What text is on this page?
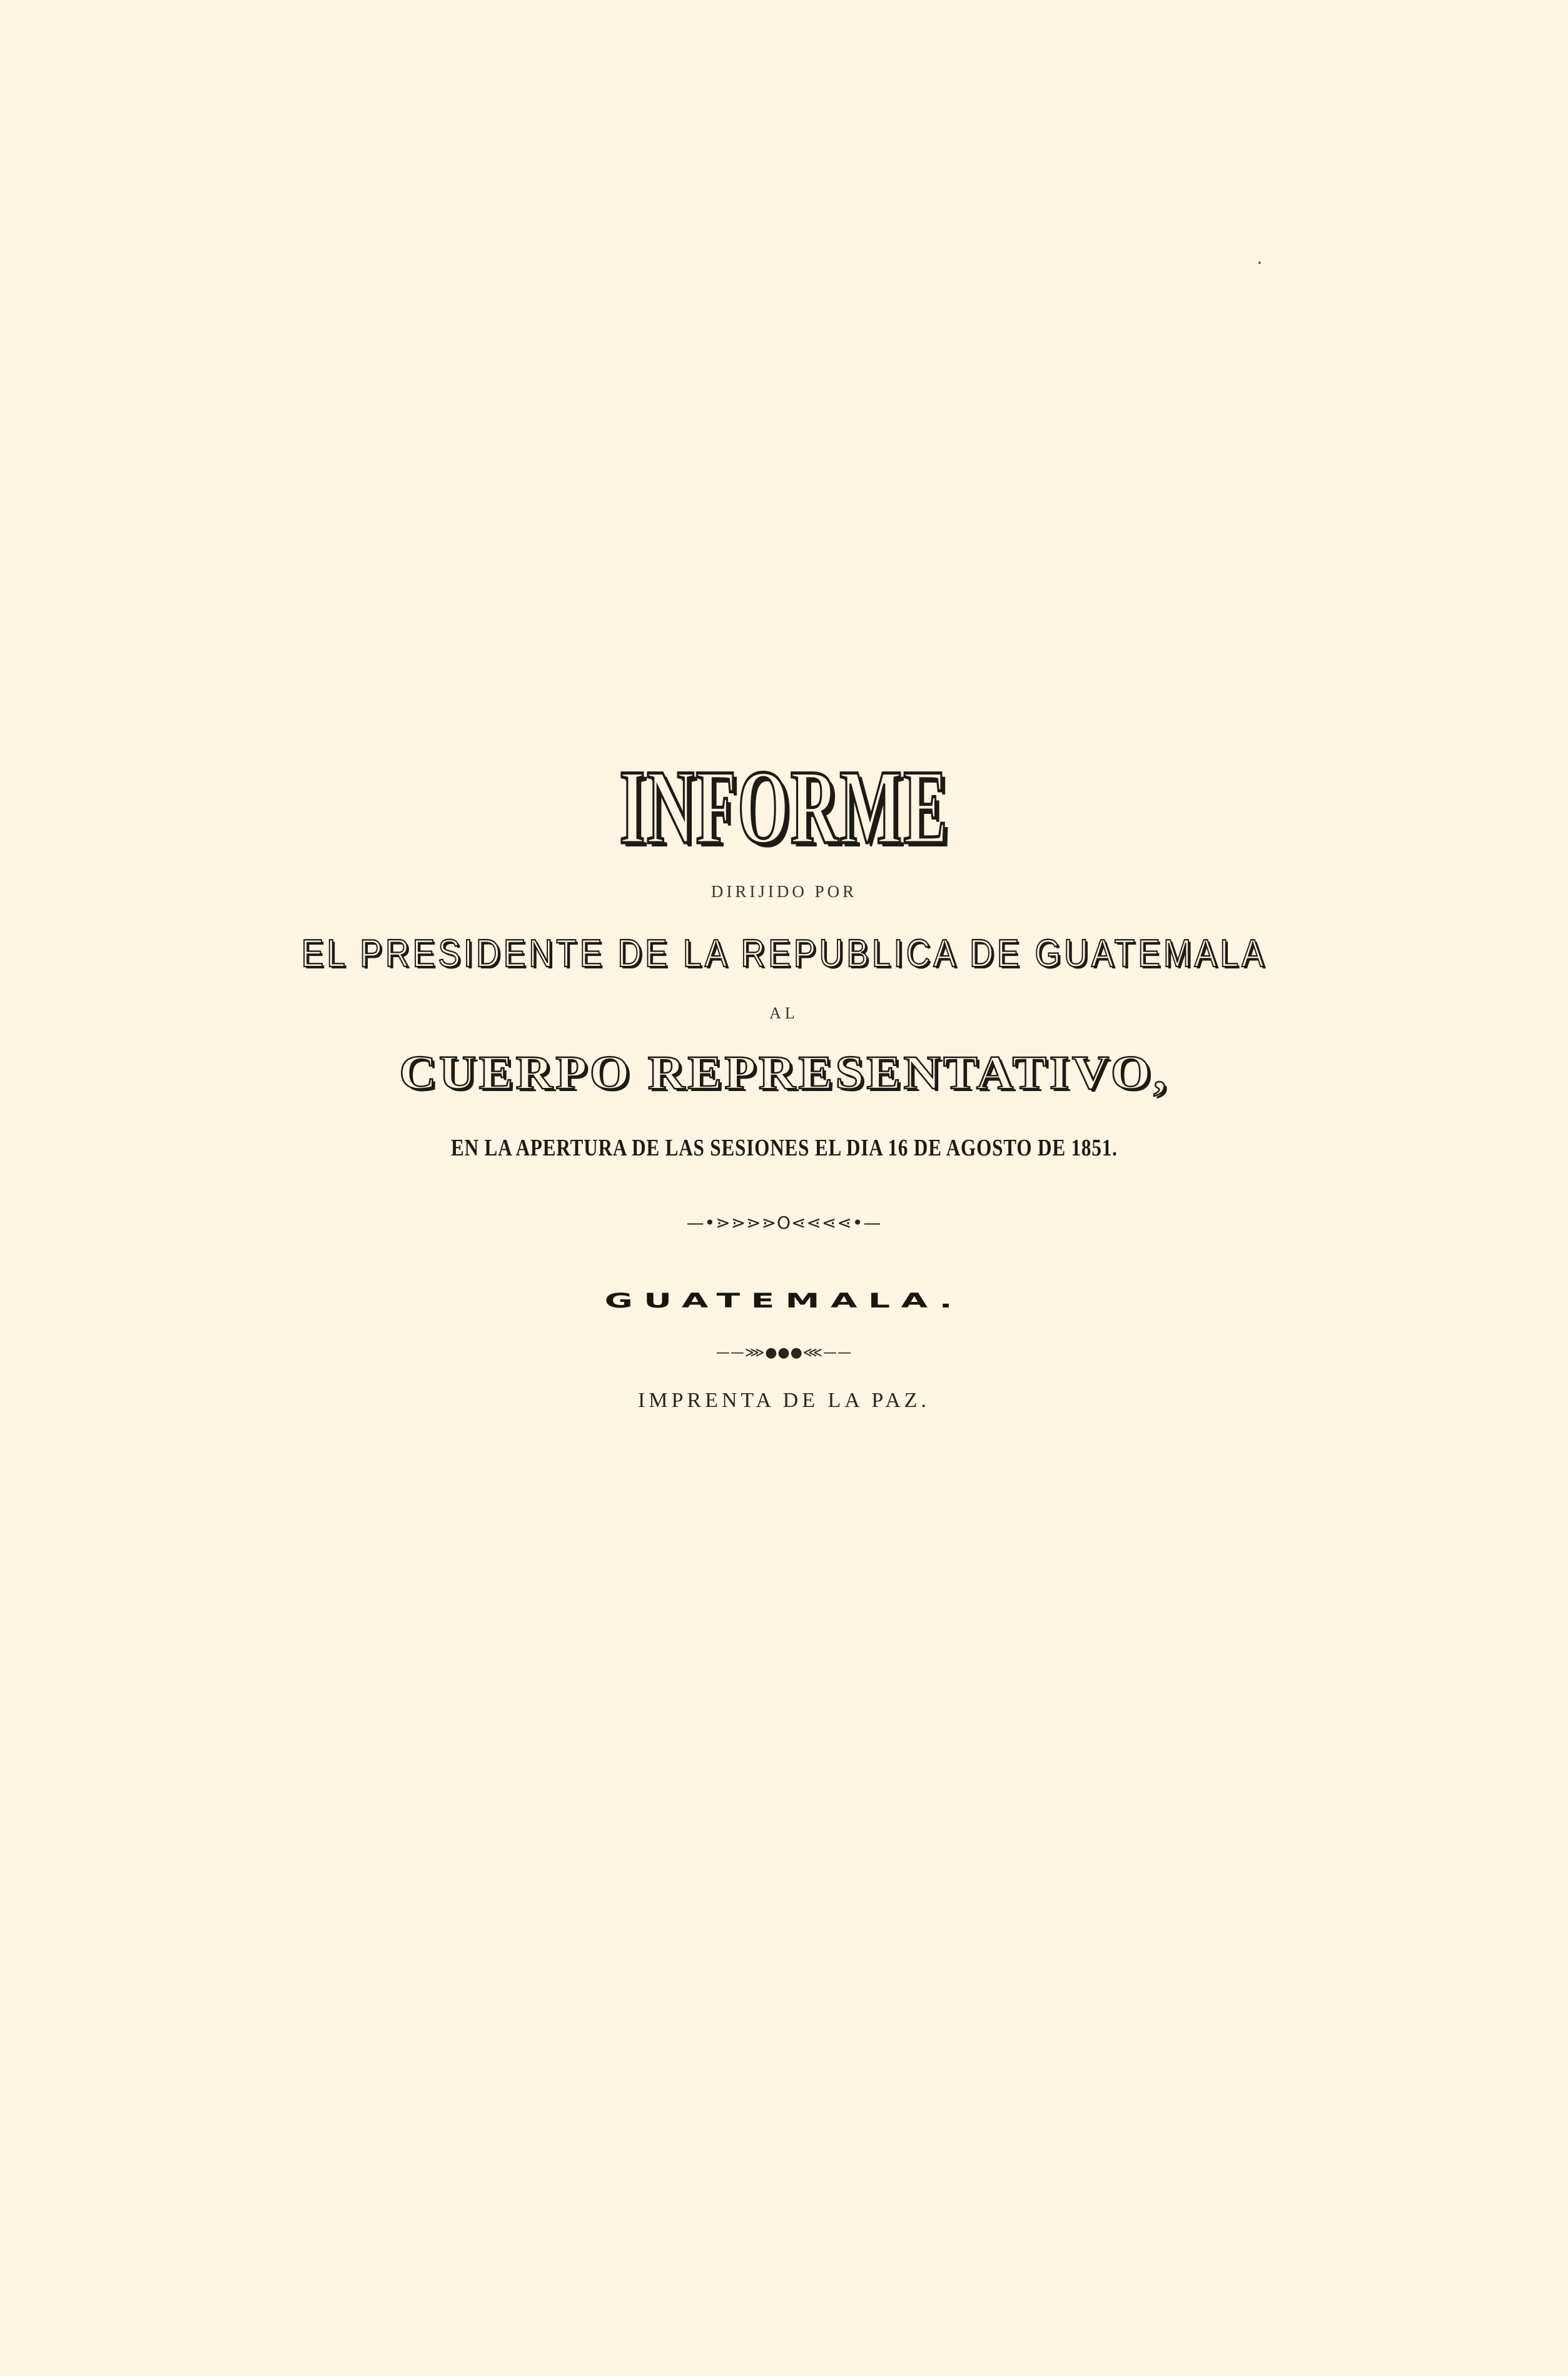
INFORME
DIRIJIDO POR
EL PRESIDENTE DE LA REPUBLICA DE GUATEMALA
AL
CUERPO REPRESENTATIVO,
EN LA APERTURA DE LAS SESIONES EL DIA 16 DE AGOSTO DE 1851.
—•⋗⋗⋗⋗O⋖⋖⋖⋖•—
GUATEMALA.
——⋙●●●⋘——
IMPRENTA DE LA PAZ.
